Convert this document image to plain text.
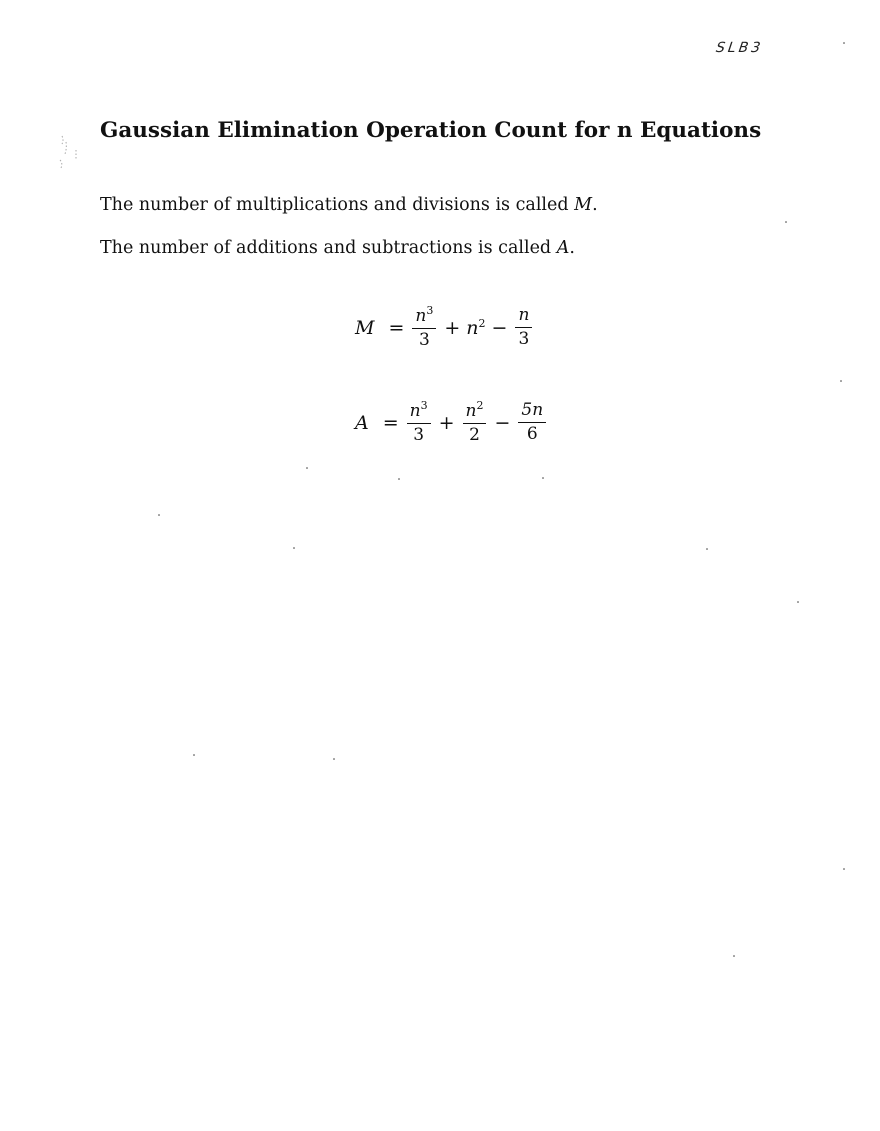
SLB3
Gaussian Elimination Operation Count for n Equations

The number of multiplications and divisions is called M.

The number of additions and subtractions is called A.

$M = \frac{n^3}{3} + n^2 - \frac{n}{3}$
$A = \frac{n^3}{3} + \frac{n^2}{2} - \frac{5n}{6}$
